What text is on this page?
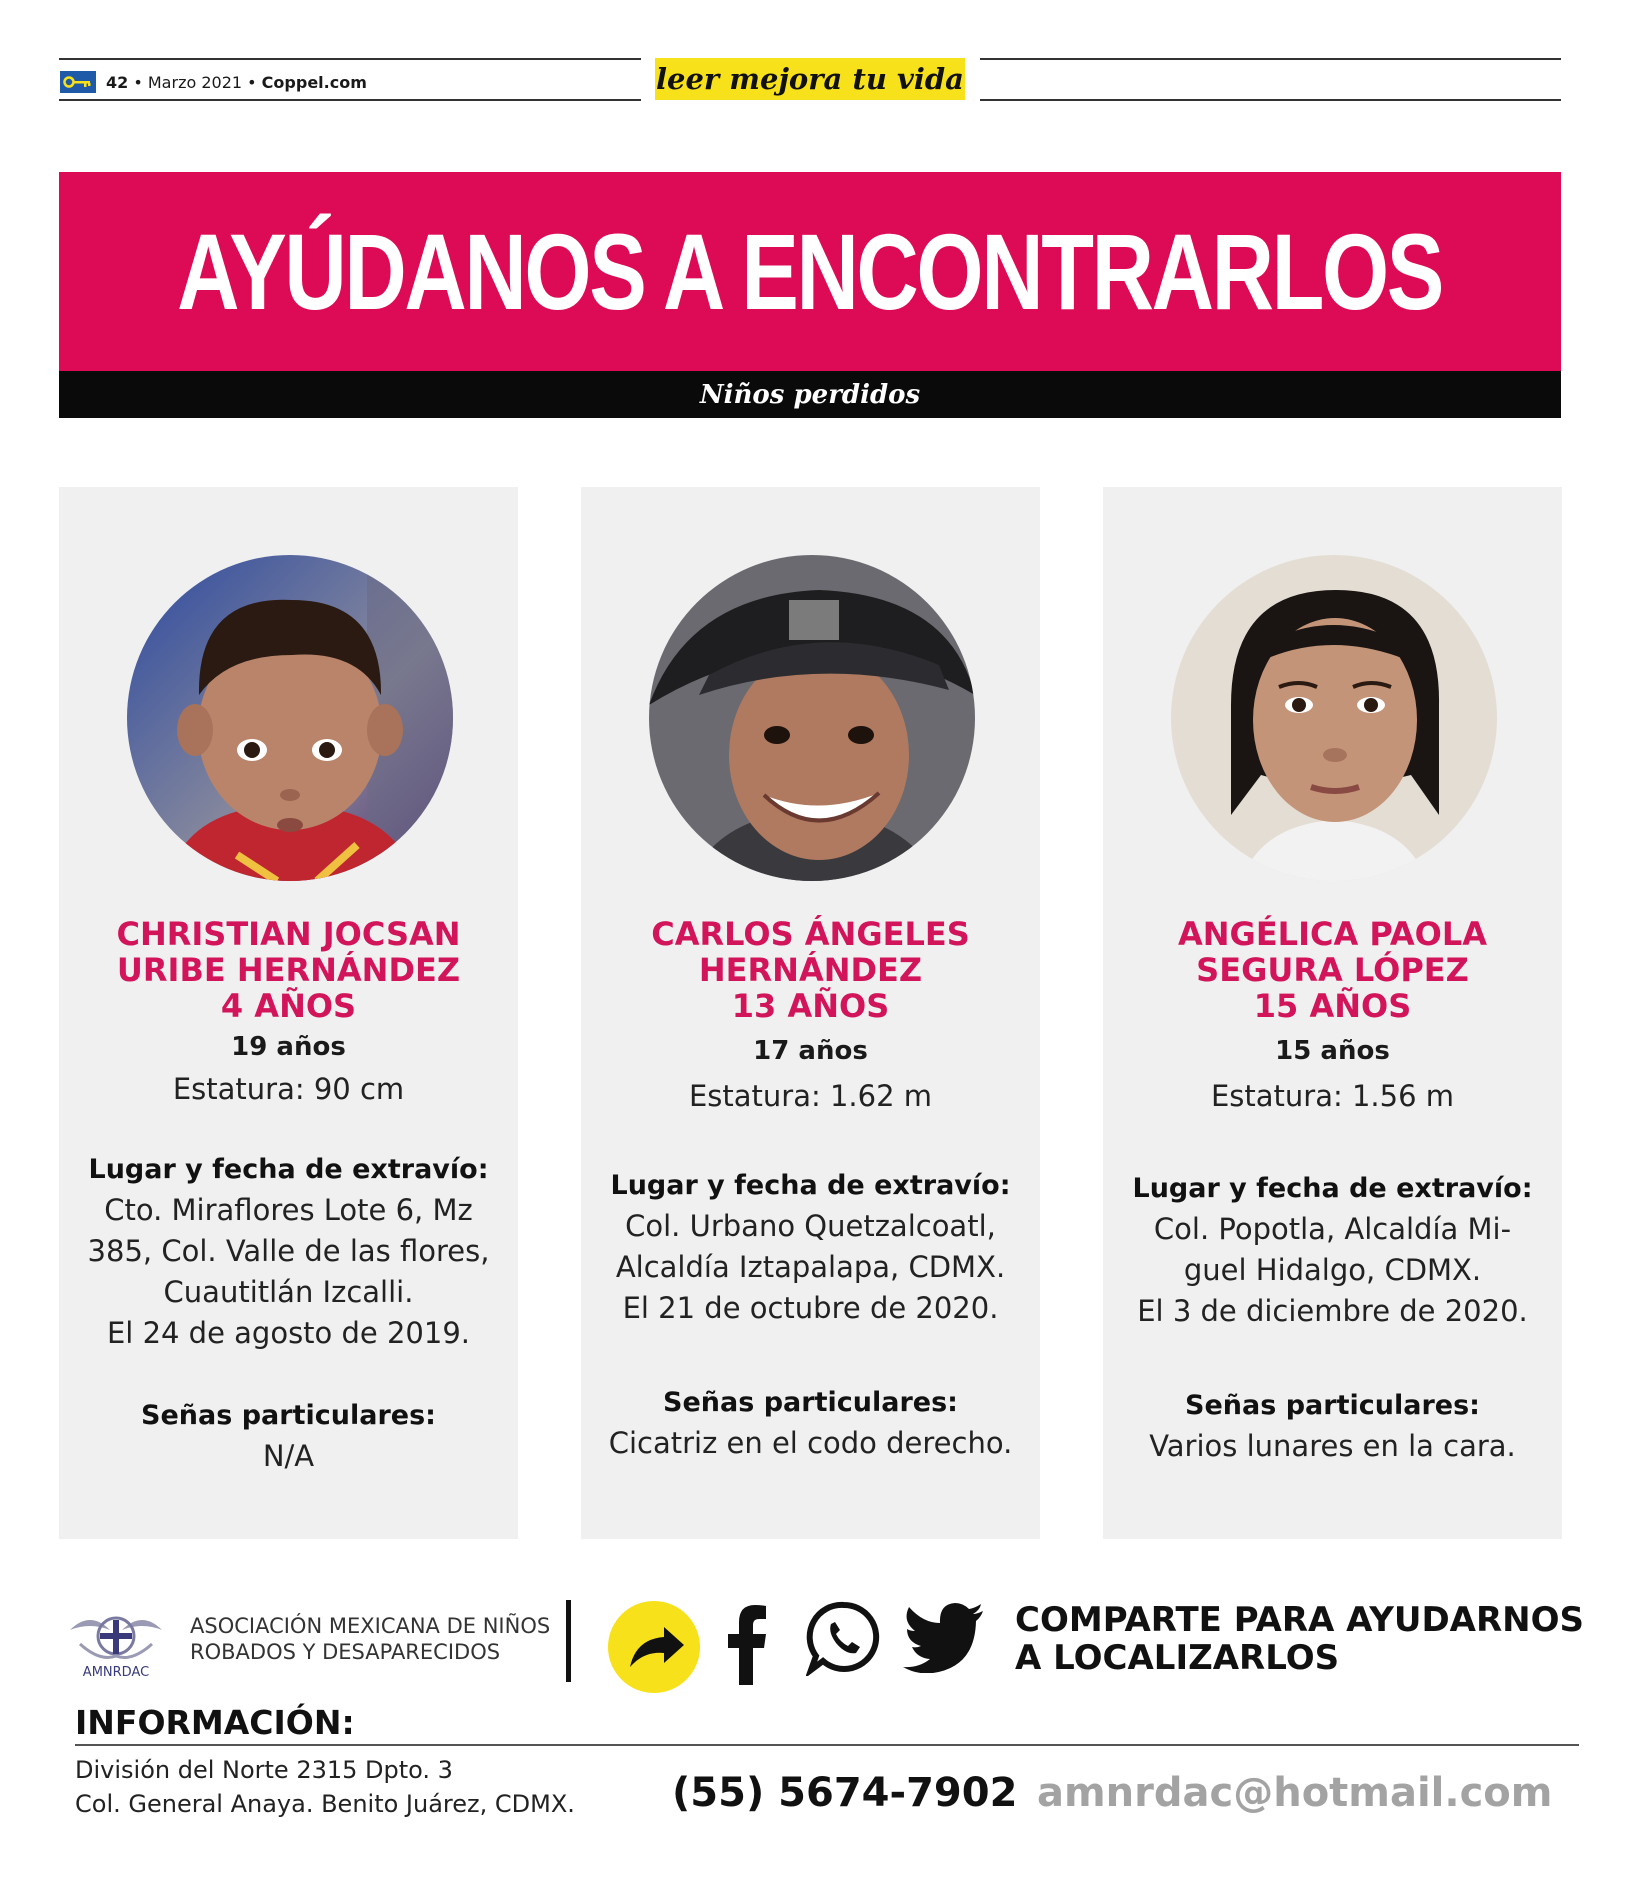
42 • Marzo 2021 • Coppel.com	leer mejora tu vida
AYÚDANOS A ENCONTRARLOS
Niños perdidos
CHRISTIAN JOCSAN
URIBE HERNÁNDEZ
4 AÑOS
19 años
Estatura: 90 cm
Lugar y fecha de extravío:
Cto. Miraflores Lote 6, Mz
385, Col. Valle de las flores,
Cuautitlán Izcalli.
El 24 de agosto de 2019.
Señas particulares:
N/A
CARLOS ÁNGELES
HERNÁNDEZ
13 AÑOS
17 años
Estatura: 1.62 m
Lugar y fecha de extravío:
Col. Urbano Quetzalcoatl,
Alcaldía Iztapalapa, CDMX.
El 21 de octubre de 2020.
Señas particulares:
Cicatriz en el codo derecho.
ANGÉLICA PAOLA
SEGURA LÓPEZ
15 AÑOS
15 años
Estatura: 1.56 m
Lugar y fecha de extravío:
Col. Popotla, Alcaldía Mi-
guel Hidalgo, CDMX.
El 3 de diciembre de 2020.
Señas particulares:
Varios lunares en la cara.
AMNRDAC
ASOCIACIÓN MEXICANA DE NIÑOS
ROBADOS Y DESAPARECIDOS
COMPARTE PARA AYUDARNOS
A LOCALIZARLOS
INFORMACIÓN:
División del Norte 2315 Dpto. 3
Col. General Anaya. Benito Juárez, CDMX. (55) 5674-7902 amnrdac@hotmail.com
